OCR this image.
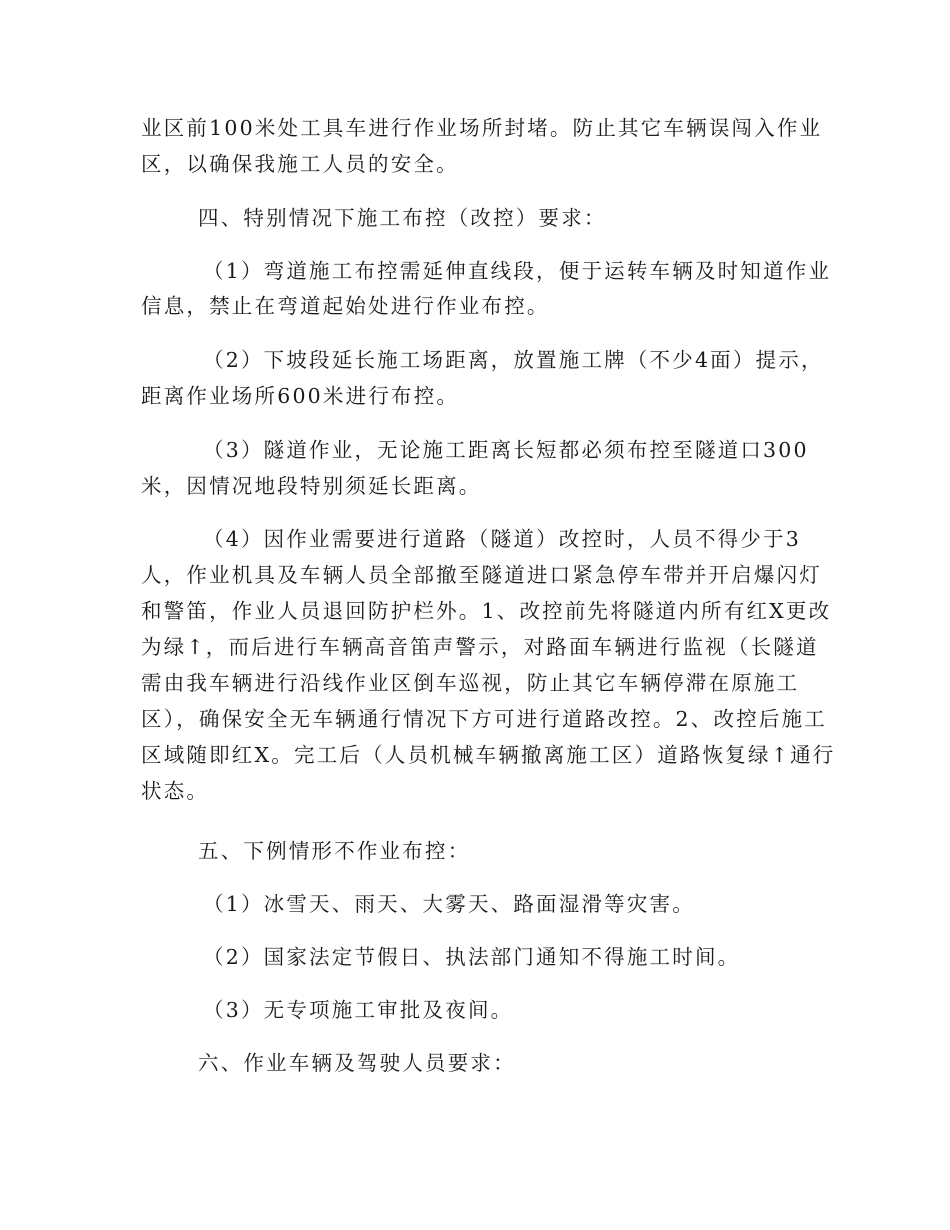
业区前100米处工具车进行作业场所封堵。防止其它车辆误闯入作业
区，以确保我施工人员的安全。
四、特别情况下施工布控（改控）要求：
（1）弯道施工布控需延伸直线段，便于运转车辆及时知道作业
信息，禁止在弯道起始处进行作业布控。
（2）下坡段延长施工场距离，放置施工牌（不少4面）提示，
距离作业场所600米进行布控。
（3）隧道作业，无论施工距离长短都必须布控至隧道口300
米，因情况地段特别须延长距离。
（4）因作业需要进行道路（隧道）改控时，人员不得少于3
人，作业机具及车辆人员全部撤至隧道进口紧急停车带并开启爆闪灯
和警笛，作业人员退回防护栏外。1、改控前先将隧道内所有红X更改
为绿↑，而后进行车辆高音笛声警示，对路面车辆进行监视（长隧道
需由我车辆进行沿线作业区倒车巡视，防止其它车辆停滞在原施工
区），确保安全无车辆通行情况下方可进行道路改控。2、改控后施工
区域随即红X。完工后（人员机械车辆撤离施工区）道路恢复绿↑通行
状态。
五、下例情形不作业布控：
（1）冰雪天、雨天、大雾天、路面湿滑等灾害。
（2）国家法定节假日、执法部门通知不得施工时间。
（3）无专项施工审批及夜间。
六、作业车辆及驾驶人员要求：
